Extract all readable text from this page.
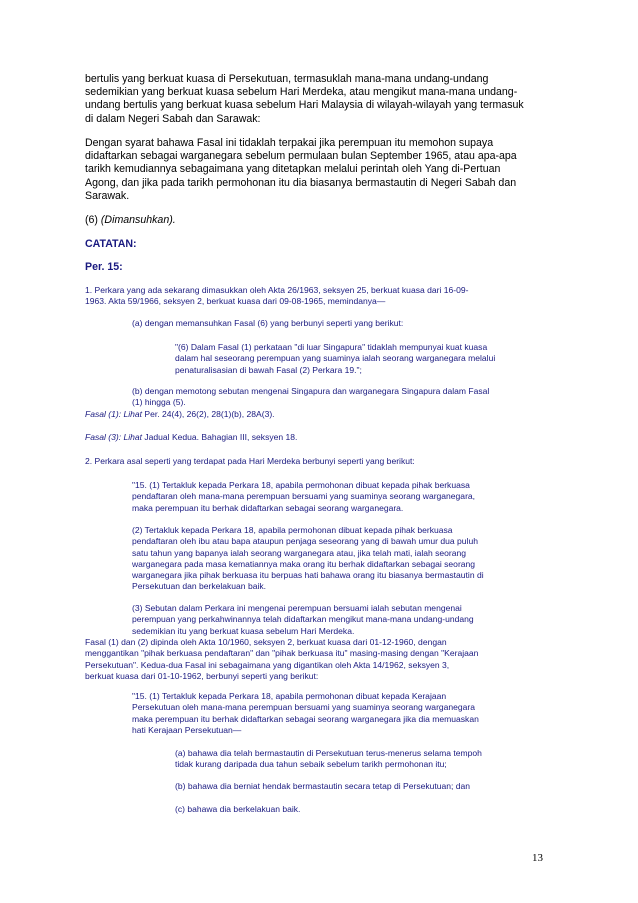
bertulis yang berkuat kuasa di Persekutuan, termasuklah mana-mana undang-undang
sedemikian yang berkuat kuasa sebelum Hari Merdeka, atau mengikut mana-mana undang-
undang bertulis yang berkuat kuasa sebelum Hari Malaysia di wilayah-wilayah yang termasuk
di dalam Negeri Sabah dan Sarawak:
Dengan syarat bahawa Fasal ini tidaklah terpakai jika perempuan itu memohon supaya
didaftarkan sebagai warganegara sebelum permulaan bulan September 1965, atau apa-apa
tarikh kemudiannya sebagaimana yang ditetapkan melalui perintah oleh Yang di-Pertuan
Agong, dan jika pada tarikh permohonan itu dia biasanya bermastautin di Negeri Sabah dan
Sarawak.
(6) (Dimansuhkan).
CATATAN:
Per. 15:
1. Perkara yang ada sekarang dimasukkan oleh Akta 26/1963, seksyen 25, berkuat kuasa dari 16-09-
1963. Akta 59/1966, seksyen 2, berkuat kuasa dari 09-08-1965, memindanya—
(a) dengan memansuhkan Fasal (6) yang berbunyi seperti yang berikut:
"(6) Dalam Fasal (1) perkataan "di luar Singapura" tidaklah mempunyai kuat kuasa
dalam hal seseorang perempuan yang suaminya ialah seorang warganegara melalui
penaturalisasian di bawah Fasal (2) Perkara 19.";
(b) dengan memotong sebutan mengenai Singapura dan warganegara Singapura dalam Fasal
(1) hingga (5).
Fasal (1): Lihat Per. 24(4), 26(2), 28(1)(b), 28A(3).
Fasal (3): Lihat Jadual Kedua. Bahagian III, seksyen 18.
2. Perkara asal seperti yang terdapat pada Hari Merdeka berbunyi seperti yang berikut:
"15. (1) Tertakluk kepada Perkara 18, apabila permohonan dibuat kepada pihak berkuasa
pendaftaran oleh mana-mana perempuan bersuami yang suaminya seorang warganegara,
maka perempuan itu berhak didaftarkan sebagai seorang warganegara.
(2) Tertakluk kepada Perkara 18, apabila permohonan dibuat kepada pihak berkuasa
pendaftaran oleh ibu atau bapa ataupun penjaga seseorang yang di bawah umur dua puluh
satu tahun yang bapanya ialah seorang warganegara atau, jika telah mati, ialah seorang
warganegara pada masa kematiannya maka orang itu berhak didaftarkan sebagai seorang
warganegara jika pihak berkuasa itu berpuas hati bahawa orang itu biasanya bermastautin di
Persekutuan dan berkelakuan baik.
(3) Sebutan dalam Perkara ini mengenai perempuan bersuami ialah sebutan mengenai
perempuan yang perkahwinannya telah didaftarkan mengikut mana-mana undang-undang
sedemikian itu yang berkuat kuasa sebelum Hari Merdeka.
Fasal (1) dan (2) dipinda oleh Akta 10/1960, seksyen 2, berkuat kuasa dari 01-12-1960, dengan
menggantikan "pihak berkuasa pendaftaran" dan "pihak berkuasa itu" masing-masing dengan "Kerajaan
Persekutuan". Kedua-dua Fasal ini sebagaimana yang digantikan oleh Akta 14/1962, seksyen 3,
berkuat kuasa dari 01-10-1962, berbunyi seperti yang berikut:
"15. (1) Tertakluk kepada Perkara 18, apabila permohonan dibuat kepada Kerajaan
Persekutuan oleh mana-mana perempuan bersuami yang suaminya seorang warganegara
maka perempuan itu berhak didaftarkan sebagai seorang warganegara jika dia memuaskan
hati Kerajaan Persekutuan—
(a) bahawa dia telah bermastautin di Persekutuan terus-menerus selama tempoh
tidak kurang daripada dua tahun sebaik sebelum tarikh permohonan itu;
(b) bahawa dia berniat hendak bermastautin secara tetap di Persekutuan; dan
(c) bahawa dia berkelakuan baik.
13
